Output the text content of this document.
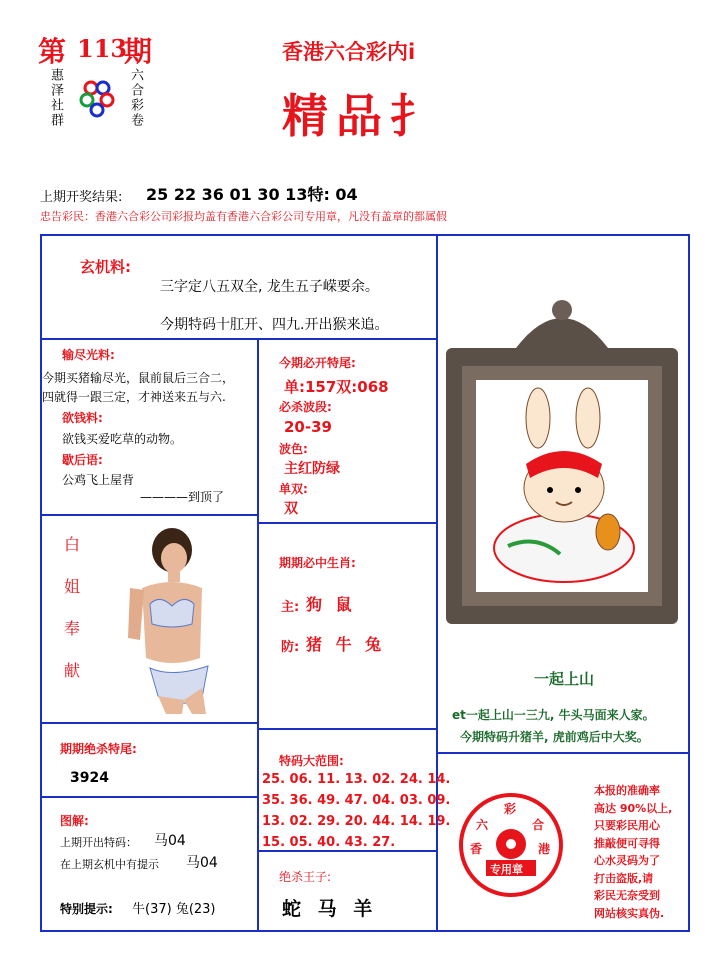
第 113
期
惠泽社群	六合彩卷
香港六合彩内i
精品扌
上期开奖结果: 25 22 36 01 30 13特: 04
忠告彩民：香港六合彩公司彩报均盖有香港六合彩公司专用章，凡没有盖章的都属假
玄机料:
三字定八五双全, 龙生五子嵘要余。
今期特码十肛开、四九.开出猴来追。
输尽光料:
今期买猪输尽光，鼠前鼠后三合二，
四就得一跟三定，才神送来五与六.
欲钱料:
欲钱买爱吃草的动物。
歇后语:
公鸡飞上屋背
————到顶了
白
姐
奉
献
今期必开特尾:
单:157双:068
必杀波段:
20-39
波色:
主红防绿
单双:
双
期期必中生肖:
主: 狗 鼠
防: 猪 牛 兔
一起上山
et一起上山一三九, 牛头马面来人家。
今期特码升猪羊, 虎前鸡后中大奖。
期期绝杀特尾:
3924
特码大范围:
25. 06. 11. 13. 02. 24. 14.
35. 36. 49. 47. 04. 03. 09.
13. 02. 29. 20. 44. 14. 19.
15. 05. 40. 43. 27.
图解:
上期开出特码： 马04
在上期玄机中有提示 马04
特别提示: 牛(37) 兔(23)
绝杀王子:
蛇 马 羊
彩
六	合
香	港
专用章
本报的准确率
高达 90%以上,
只要彩民用心
推敲便可寻得
心水灵码为了
打击盗版,请
彩民无奈受到
网站核实真伪.
